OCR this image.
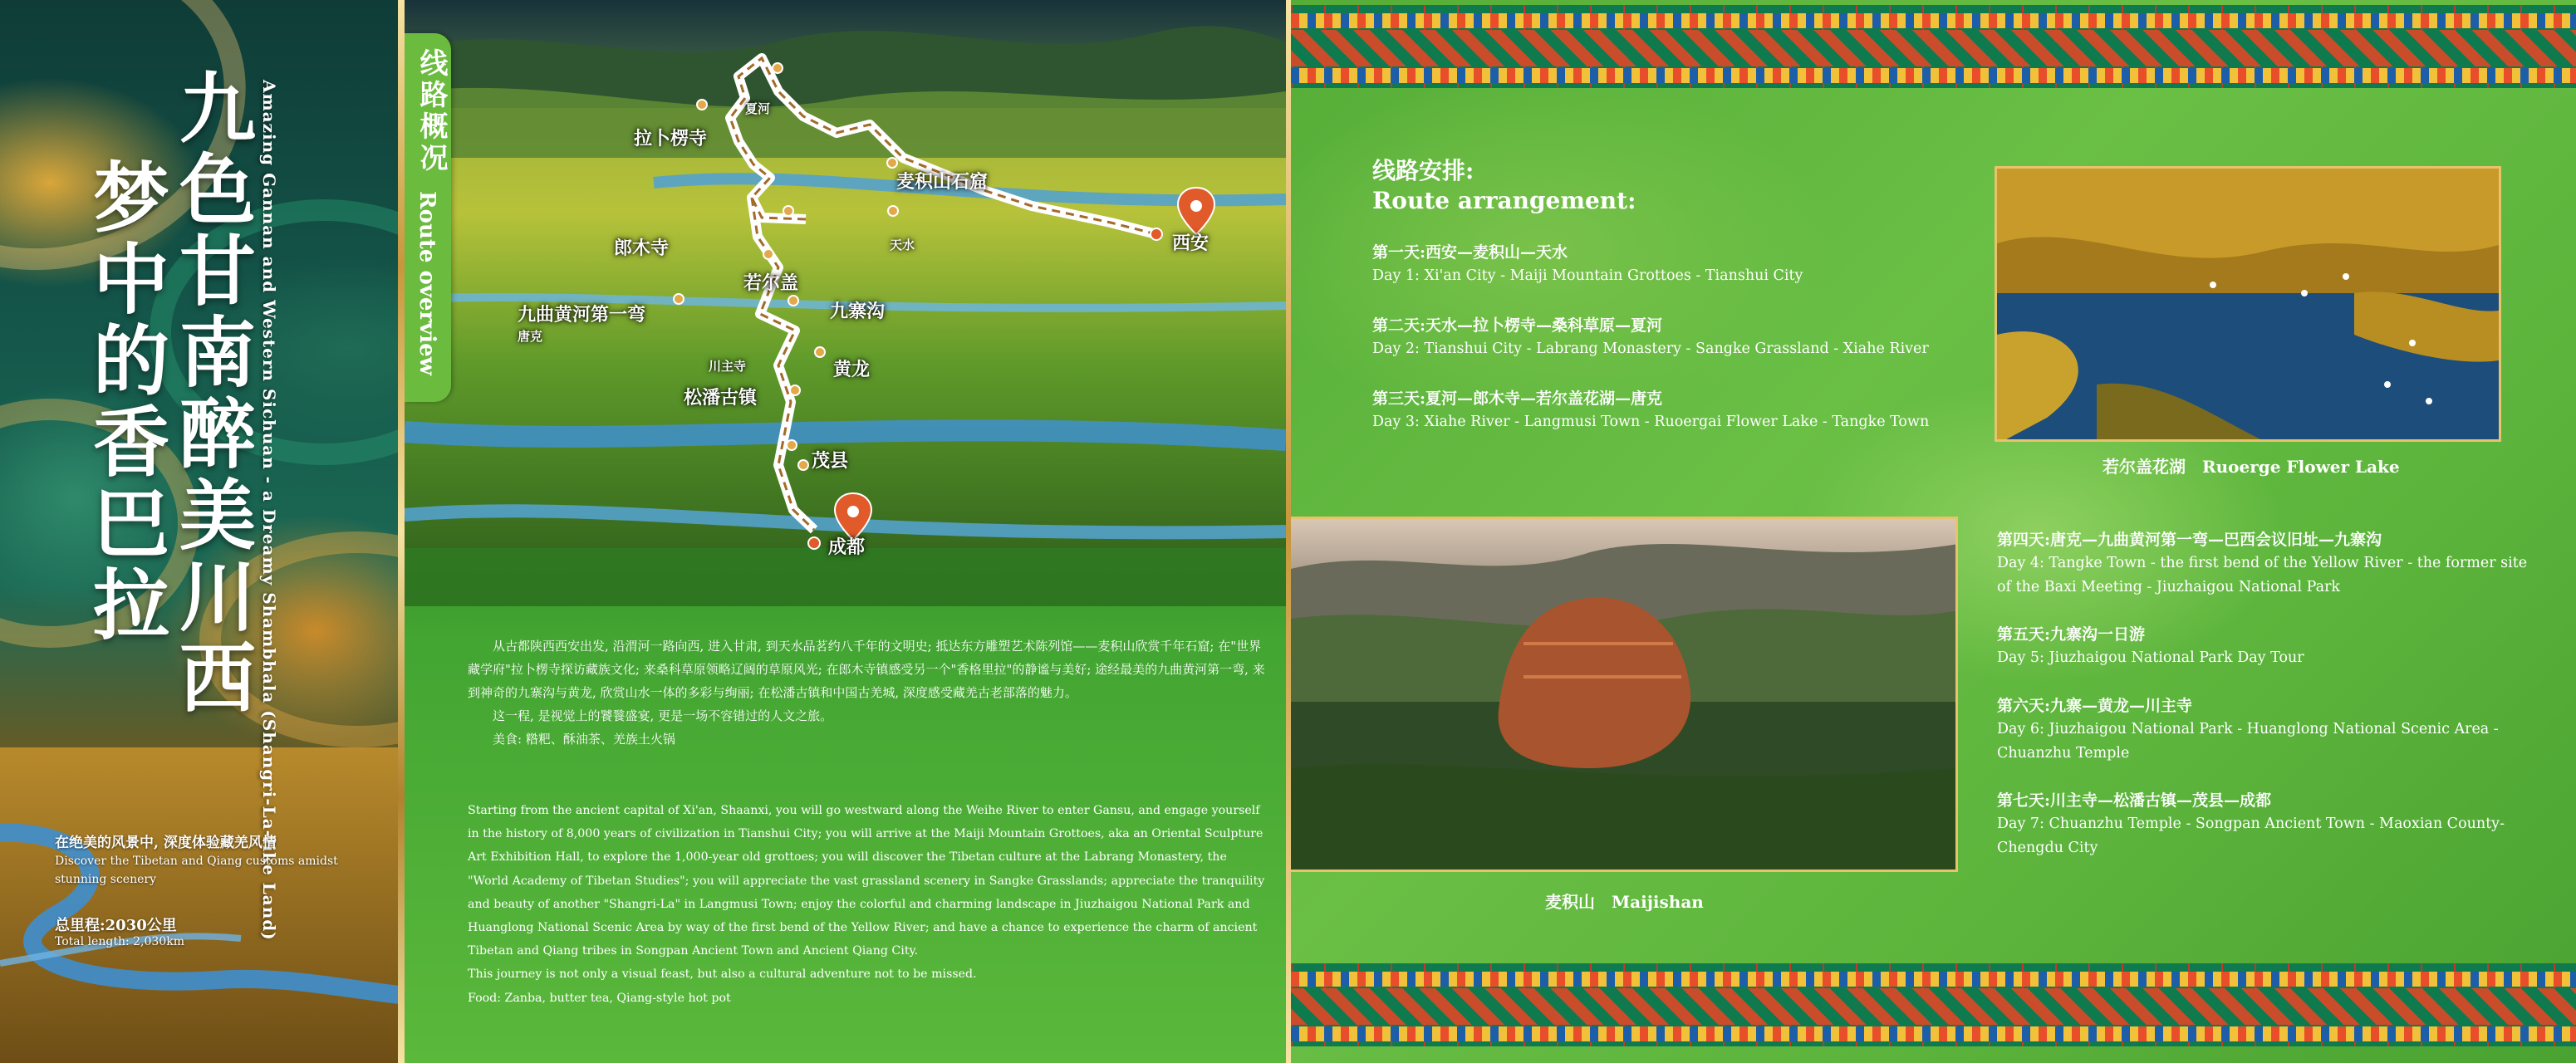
九色甘南醉美川西
梦中的香巴拉	Amazing Gannan and Western Sichuan - a Dreamy Shambhala (Shangri-La-like Land)
在绝美的风景中, 深度体验藏羌风情
Discover the Tibetan and Qiang customs amidst stunning scenery
总里程:2030公里
Total length: 2,030km
夏河
拉卜楞寺
麦积山石窟
天水	西安
郎木寺
若尔盖
九曲黄河第一弯
唐克
九寨沟
川主寺	黄龙
松潘古镇
茂县
成都
线路概况
Route overview

从古都陕西西安出发, 沿渭河一路向西, 进入甘肃, 到天水品茗约八千年的文明史; 抵达东方雕塑艺术陈列馆——麦积山欣赏千年石窟; 在"世界藏学府"拉卜楞寺探访藏族文化; 来桑科草原领略辽阔的草原风光; 在郎木寺镇感受另一个"香格里拉"的静谧与美好; 途经最美的九曲黄河第一弯, 来到神奇的九寨沟与黄龙, 欣赏山水一体的多彩与绚丽; 在松潘古镇和中国古羌城, 深度感受藏羌古老部落的魅力。

这一程, 是视觉上的饕餮盛宴, 更是一场不容错过的人文之旅。

美食: 糌粑、酥油茶、羌族土火锅

Starting from the ancient capital of Xi'an, Shaanxi, you will go westward along the Weihe River to enter Gansu, and engage yourself in the history of 8,000 years of civilization in Tianshui City; you will arrive at the Maiji Mountain Grottoes, aka an Oriental Sculpture Art Exhibition Hall, to explore the 1,000-year old grottoes; you will discover the Tibetan culture at the Labrang Monastery, the "World Academy of Tibetan Studies"; you will appreciate the vast grassland scenery in Sangke Grasslands; appreciate the tranquility and beauty of another "Shangri-La" in Langmusi Town; enjoy the colorful and charming landscape in Jiuzhaigou National Park and Huanglong National Scenic Area by way of the first bend of the Yellow River; and have a chance to experience the charm of ancient Tibetan and Qiang tribes in Songpan Ancient Town and Ancient Qiang City.

This journey is not only a visual feast, but also a cultural adventure not to be missed.

Food: Zanba, butter tea, Qiang-style hot pot

线路安排:
Route arrangement:
第一天:西安—麦积山—天水
Day 1: Xi'an City - Maiji Mountain Grottoes - Tianshui City
第二天:天水—拉卜楞寺—桑科草原—夏河
Day 2: Tianshui City - Labrang Monastery - Sangke Grassland - Xiahe River
第三天:夏河—郎木寺—若尔盖花湖—唐克
Day 3: Xiahe River - Langmusi Town - Ruoergai Flower Lake - Tangke Town
若尔盖花湖　Ruoerge Flower Lake
麦积山　Maijishan
第四天:唐克—九曲黄河第一弯—巴西会议旧址—九寨沟
Day 4: Tangke Town - the first bend of the Yellow River - the former site of the Baxi Meeting - Jiuzhaigou National Park
第五天:九寨沟一日游
Day 5: Jiuzhaigou National Park Day Tour
第六天:九寨—黄龙—川主寺
Day 6: Jiuzhaigou National Park - Huanglong National Scenic Area - Chuanzhu Temple
第七天:川主寺—松潘古镇—茂县—成都
Day 7: Chuanzhu Temple - Songpan Ancient Town - Maoxian County- Chengdu City
